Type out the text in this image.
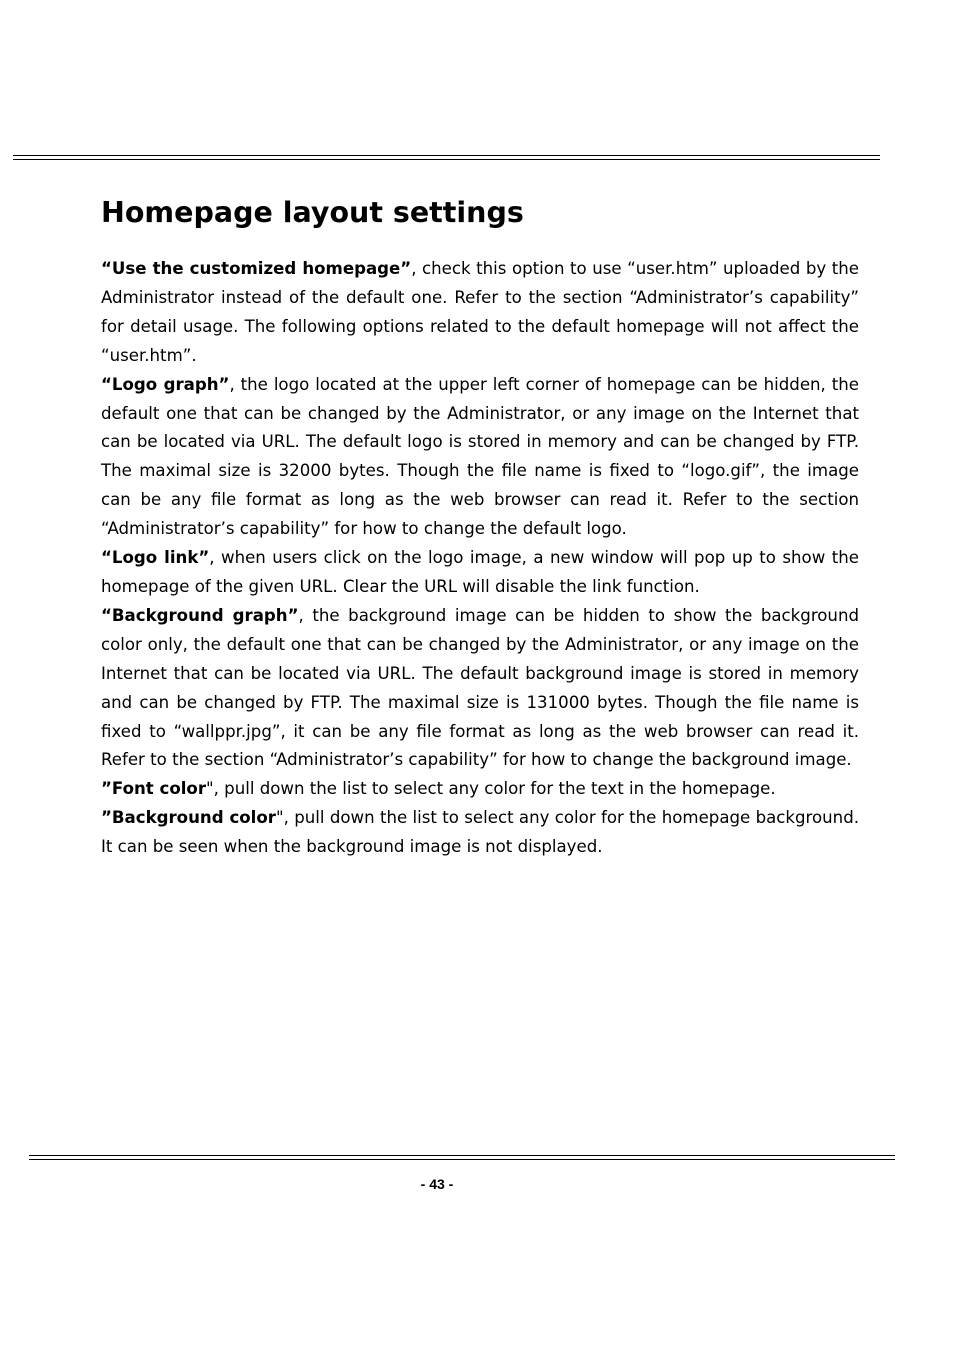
Homepage layout settings

“Use the customized homepage”, check this option to use “user.htm” uploaded by the Administrator instead of the default one. Refer to the section “Administrator’s capability” for detail usage. The following options related to the default homepage will not affect the “user.htm”.

“Logo graph”, the logo located at the upper left corner of homepage can be hidden, the default one that can be changed by the Administrator, or any image on the Internet that can be located via URL. The default logo is stored in memory and can be changed by FTP. The maximal size is 32000 bytes. Though the file name is fixed to “logo.gif”, the image can be any file format as long as the web browser can read it. Refer to the section “Administrator’s capability” for how to change the default logo.

“Logo link”, when users click on the logo image, a new window will pop up to show the homepage of the given URL. Clear the URL will disable the link function.

“Background graph”, the background image can be hidden to show the background color only, the default one that can be changed by the Administrator, or any image on the Internet that can be located via URL. The default background image is stored in memory and can be changed by FTP. The maximal size is 131000 bytes. Though the file name is fixed to “wallppr.jpg”, it can be any file format as long as the web browser can read it. Refer to the section “Administrator’s capability” for how to change the background image.

”Font color", pull down the list to select any color for the text in the homepage.

”Background color", pull down the list to select any color for the homepage background. It can be seen when the background image is not displayed.

- 43 -
